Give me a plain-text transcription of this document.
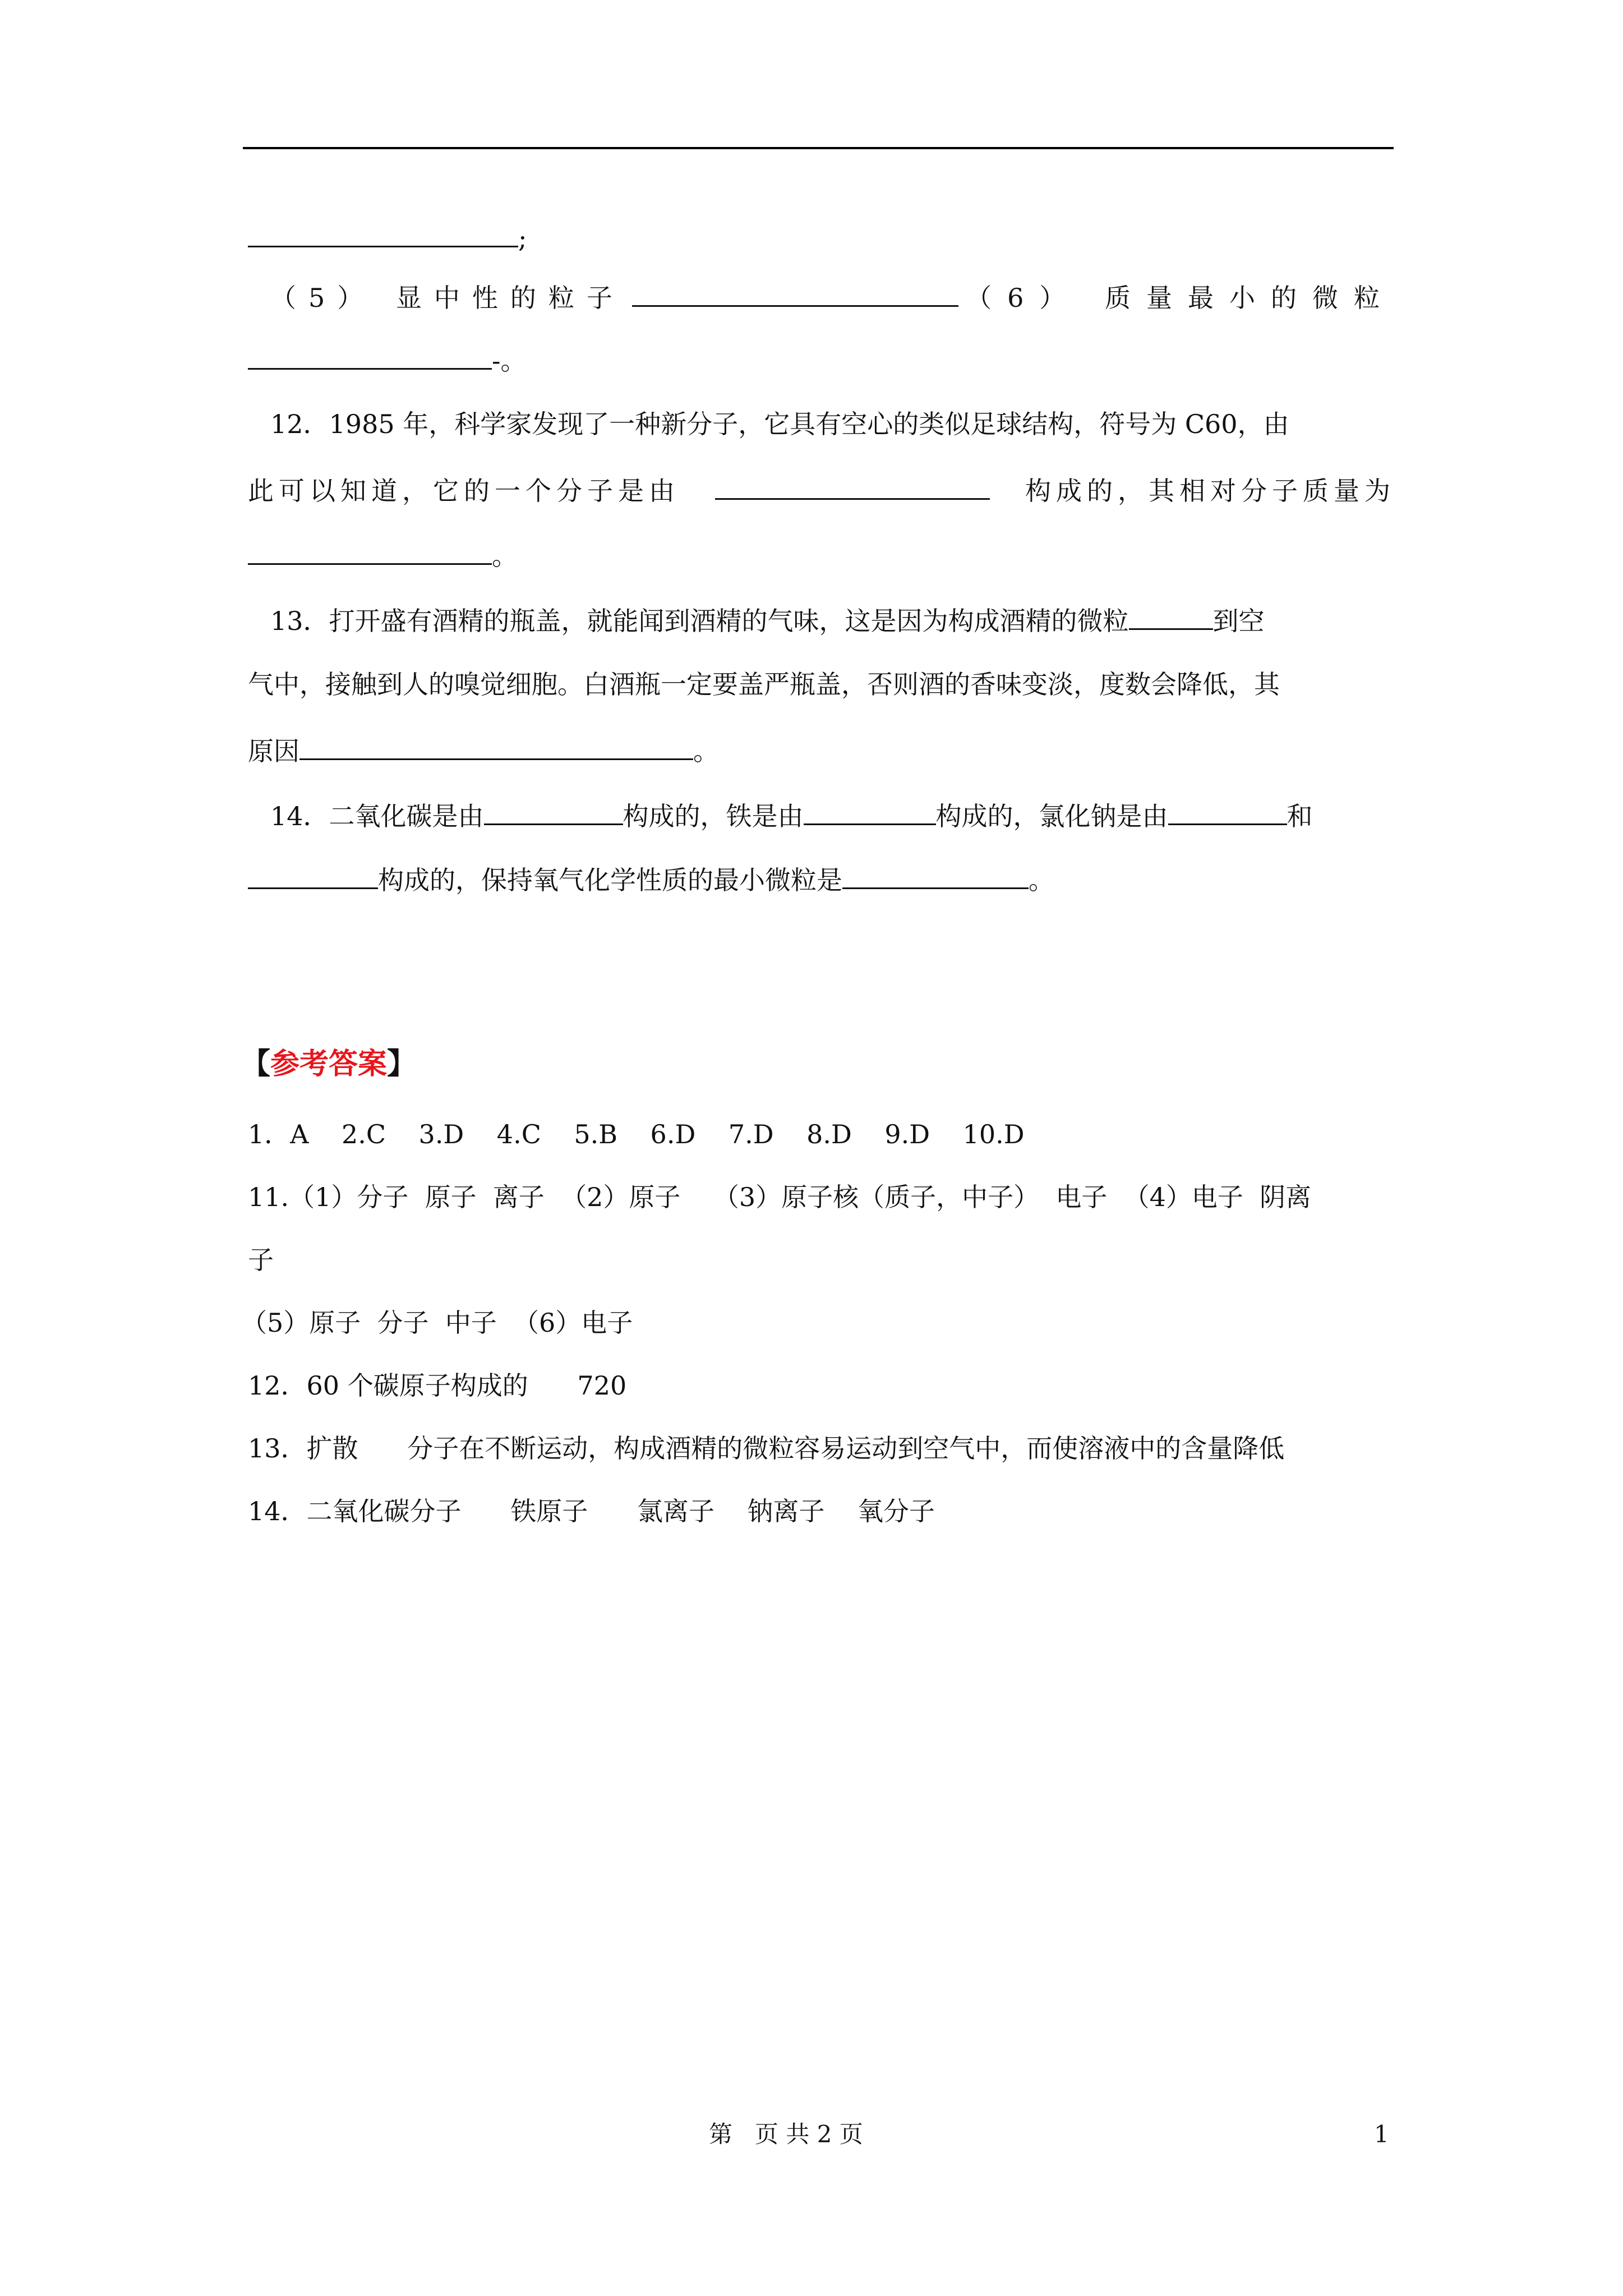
;
（5） 显中性的粒子	（6） 质量最小的微粒
-。
12．1985 年，科学家发现了一种新分子，它具有空心的类似足球结构，符号为 C60，由
此可以知道，它的一个分子是由	构成的，其相对分子质量为
。
13．打开盛有酒精的瓶盖，就能闻到酒精的气味，这是因为构成酒精的微粒	到空
气中，接触到人的嗅觉细胞。白酒瓶一定要盖严瓶盖，否则酒的香味变淡，度数会降低，其
原因	。
14．二氧化碳是由	构成的，铁是由	构成的，氯化钠是由	和
构成的，保持氧气化学性质的最小微粒是	。
【参考答案】
1．A    2.C    3.D    4.C    5.B    6.D    7.D    8.D    9.D    10.D
11.（1）分子  原子  离子  （2）原子    （3）原子核（质子，中子）  电子  （4）电子  阴离
子
（5）原子  分子  中子  （6）电子
12．60 个碳原子构成的      720
13．扩散      分子在不断运动，构成酒精的微粒容易运动到空气中，而使溶液中的含量降低
14．二氧化碳分子      铁原子      氯离子    钠离子    氧分子
第   页 共 2 页	1
